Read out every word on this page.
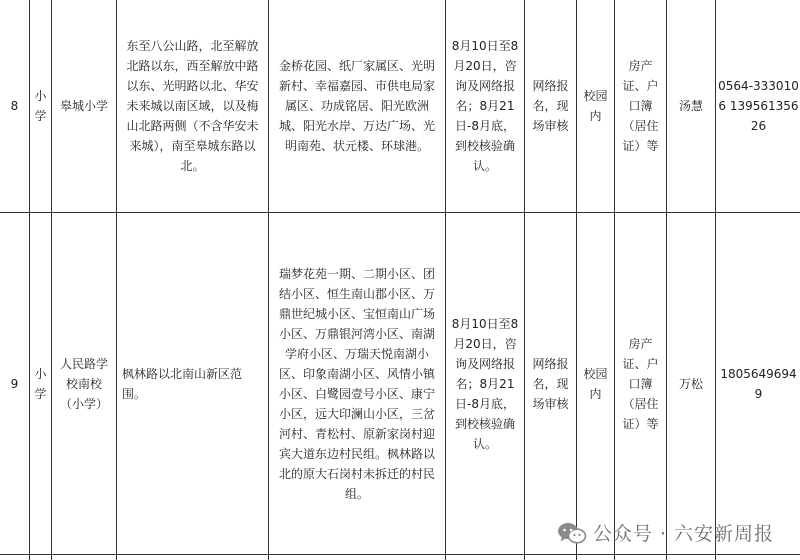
8	小学	皋城小学	东至八公山路，北至解放北路以东，西至解放中路以东、光明路以北、华安未来城以南区域，以及梅山北路两侧（不含华安未来城），南至皋城东路以北。	金桥花园、纸厂家属区、光明新村、幸福嘉园、市供电局家属区、功成铭居、阳光欧洲城、阳光水岸、万达广场、光明南苑、状元楼、环球港。	8月10日至8月20日，咨询及网络报名；8月21日-8月底，到校核验确认。	网络报名，现场审核	校园内	房产证、户口簿（居住证）等	汤慧	0564-3330106 13956135626
9	小学	人民路学校南校（小学）	枫林路以北南山新区范围。	瑞梦花苑一期、二期小区、团结小区、恒生南山郡小区、万鼎世纪城小区、宝恒南山广场小区、万鼎银河湾小区、南湖学府小区、万瑞天悦南湖小区、印象南湖小区、风情小镇小区、白鹭园壹号小区、康宁小区，远大印澜山小区，三岔河村、青松村、原新家岗村迎宾大道东边村民组。枫林路以北的原大石岗村未拆迁的村民组。	8月10日至8月20日，咨询及网络报名；8月21日-8月底，到校核验确认。	网络报名，现场审核	校园内	房产证、户口簿（居住证）等	万松	18056496949

公众号 · 六安新周报
